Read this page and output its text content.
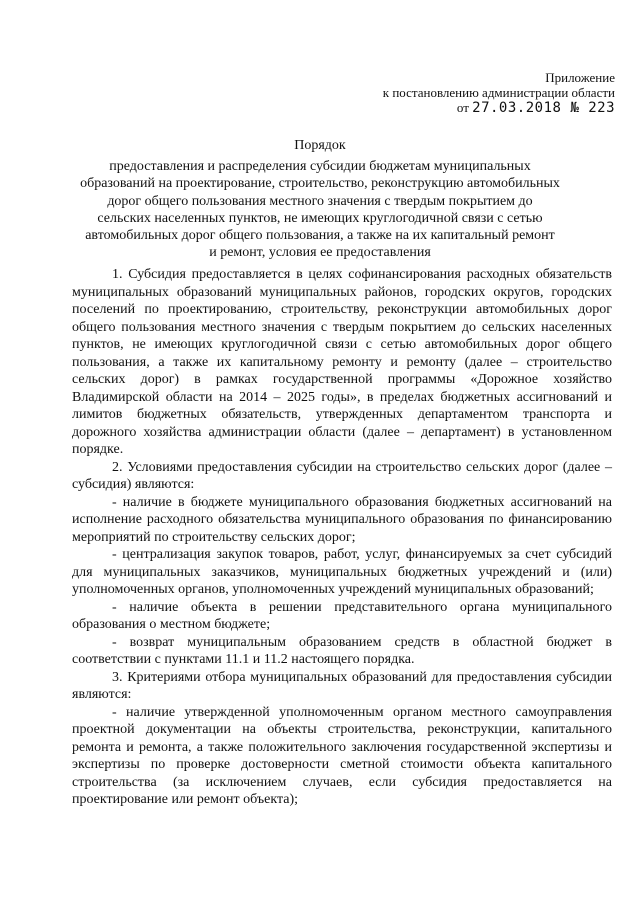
Приложение
к постановлению администрации области
от 27.03.2018 № 223
Порядок
предоставления и распределения субсидии бюджетам муниципальных образований на проектирование, строительство, реконструкцию автомобильных дорог общего пользования местного значения с твердым покрытием до сельских населенных пунктов, не имеющих круглогодичной связи с сетью автомобильных дорог общего пользования, а также на их капитальный ремонт и ремонт, условия ее предоставления

1. Субсидия предоставляется в целях софинансирования расходных обязательств муниципальных образований муниципальных районов, городских округов, городских поселений по проектированию, строительству, реконструкции автомобильных дорог общего пользования местного значения с твердым покрытием до сельских населенных пунктов, не имеющих круглогодичной связи с сетью автомобильных дорог общего пользования, а также их капитальному ремонту и ремонту (далее – строительство сельских дорог) в рамках государственной программы «Дорожное хозяйство Владимирской области на 2014 – 2025 годы», в пределах бюджетных ассигнований и лимитов бюджетных обязательств, утвержденных департаментом транспорта и дорожного хозяйства администрации области (далее – департамент) в установленном порядке.

2. Условиями предоставления субсидии на строительство сельских дорог (далее – субсидия) являются:

- наличие в бюджете муниципального образования бюджетных ассигнований на исполнение расходного обязательства муниципального образования по финансированию мероприятий по строительству сельских дорог;

- централизация закупок товаров, работ, услуг, финансируемых за счет субсидий для муниципальных заказчиков, муниципальных бюджетных учреждений и (или) уполномоченных органов, уполномоченных учреждений муниципальных образований;

- наличие объекта в решении представительного органа муниципального образования о местном бюджете;

- возврат муниципальным образованием средств в областной бюджет в соответствии с пунктами 11.1 и 11.2 настоящего порядка.

3. Критериями отбора муниципальных образований для предоставления субсидии являются:

- наличие утвержденной уполномоченным органом местного самоуправления проектной документации на объекты строительства, реконструкции, капитального ремонта и ремонта, а также положительного заключения государственной экспертизы и экспертизы по проверке достоверности сметной стоимости объекта капитального строительства (за исключением случаев, если субсидия предоставляется на проектирование или ремонт объекта);
